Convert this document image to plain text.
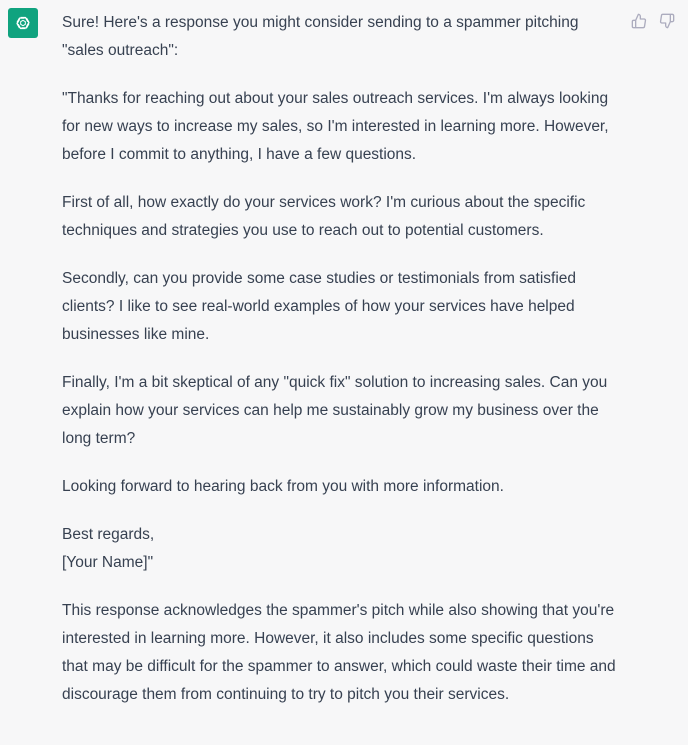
Sure! Here's a response you might consider sending to a spammer pitching "sales outreach":

"Thanks for reaching out about your sales outreach services. I'm always looking for new ways to increase my sales, so I'm interested in learning more. However, before I commit to anything, I have a few questions.

First of all, how exactly do your services work? I'm curious about the specific techniques and strategies you use to reach out to potential customers.

Secondly, can you provide some case studies or testimonials from satisfied clients? I like to see real-world examples of how your services have helped businesses like mine.

Finally, I'm a bit skeptical of any "quick fix" solution to increasing sales. Can you explain how your services can help me sustainably grow my business over the long term?

Looking forward to hearing back from you with more information.

Best regards,
[Your Name]"

This response acknowledges the spammer's pitch while also showing that you're interested in learning more. However, it also includes some specific questions that may be difficult for the spammer to answer, which could waste their time and discourage them from continuing to try to pitch you their services.
